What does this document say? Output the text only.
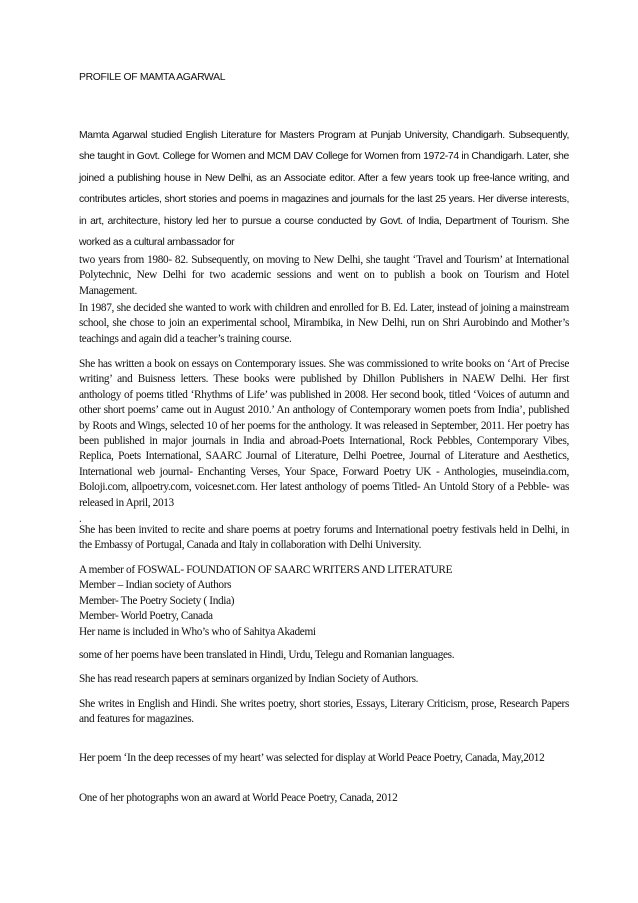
PROFILE OF MAMTA AGARWAL

Mamta Agarwal studied English Literature for Masters Program at Punjab University, Chandigarh. Subsequently, she taught in Govt. College for Women and MCM DAV College for Women from 1972-74 in Chandigarh. Later, she joined a publishing house in New Delhi, as an Associate editor. After a few years took up free-lance writing, and contributes articles, short stories and poems in magazines and journals for the last 25 years. Her diverse interests, in art, architecture, history led her to pursue a course conducted by Govt. of India, Department of Tourism. She worked as a cultural ambassador for

two years from 1980- 82. Subsequently, on moving to New Delhi, she taught ‘Travel and Tourism’ at International Polytechnic, New Delhi for two academic sessions and went on to publish a book on Tourism and Hotel Management.

In 1987, she decided she wanted to work with children and enrolled for B. Ed. Later, instead of joining a mainstream school, she chose to join an experimental school, Mirambika, in New Delhi, run on Shri Aurobindo and Mother’s teachings and again did a teacher’s training course.

She has written a book on essays on Contemporary issues. She was commissioned to write books on ‘Art of Precise writing’ and Buisness letters. These books were published by Dhillon Publishers in NAEW Delhi. Her first anthology of poems titled ‘Rhythms of Life’ was published in 2008. Her second book, titled ‘Voices of autumn and other short poems’ came out in August 2010.’ An anthology of Contemporary women poets from India’, published by Roots and Wings, selected 10 of her poems for the anthology. It was released in September, 2011. Her poetry has been published in major journals in India and abroad-Poets International, Rock Pebbles, Contemporary Vibes, Replica, Poets International, SAARC Journal of Literature, Delhi Poetree, Journal of Literature and Aesthetics, International web journal- Enchanting Verses, Your Space, Forward Poetry UK - Anthologies, museindia.com, Boloji.com, allpoetry.com, voicesnet.com. Her latest anthology of poems Titled- An Untold Story of a Pebble- was released in April, 2013

.

She has been invited to recite and share poems at poetry forums and International poetry festivals held in Delhi, in the Embassy of Portugal, Canada and Italy in collaboration with Delhi University.

A member of FOSWAL- FOUNDATION OF SAARC WRITERS AND LITERATURE
Member – Indian society of Authors
Member- The Poetry Society ( India)
Member- World Poetry, Canada
Her name is included in Who’s who of Sahitya Akademi

some of her poems have been translated in Hindi, Urdu, Telegu and Romanian languages.

She has read research papers at seminars organized by Indian Society of Authors.

She writes in English and Hindi. She writes poetry, short stories, Essays, Literary Criticism, prose, Research Papers and features for magazines.

Her poem ‘In the deep recesses of my heart’ was selected for display at World Peace Poetry, Canada, May,2012

One of her photographs won an award at World Peace Poetry, Canada, 2012
